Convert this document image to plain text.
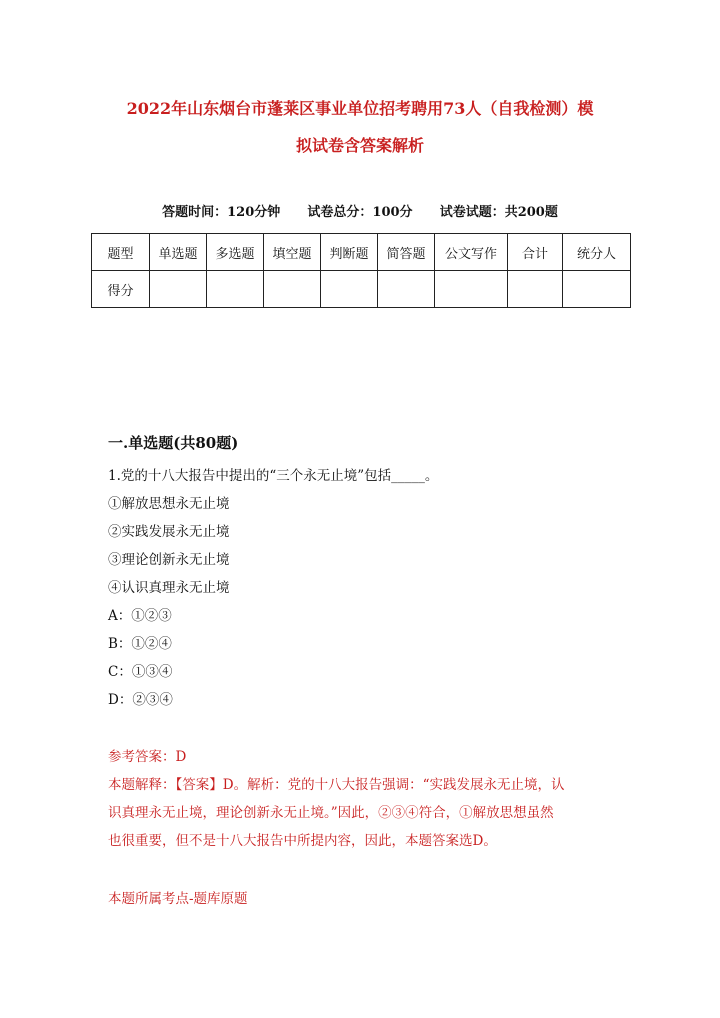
2022年山东烟台市蓬莱区事业单位招考聘用73人（自我检测）模
拟试卷含答案解析
答题时间：120分钟 试卷总分：100分 试卷试题：共200题
题型	单选题	多选题	填空题	判断题	简答题	公文写作	合计	统分人
得分								
一.单选题(共80题)
1.党的十八大报告中提出的“三个永无止境”包括_____。
①解放思想永无止境
②实践发展永无止境
③理论创新永无止境
④认识真理永无止境
A：①②③
B：①②④
C：①③④
D：②③④
参考答案：D
本题解释：【答案】D。解析：党的十八大报告强调：“实践发展永无止境，认
识真理永无止境，理论创新永无止境。”因此，②③④符合，①解放思想虽然
也很重要，但不是十八大报告中所提内容，因此，本题答案选D。
本题所属考点-题库原题
